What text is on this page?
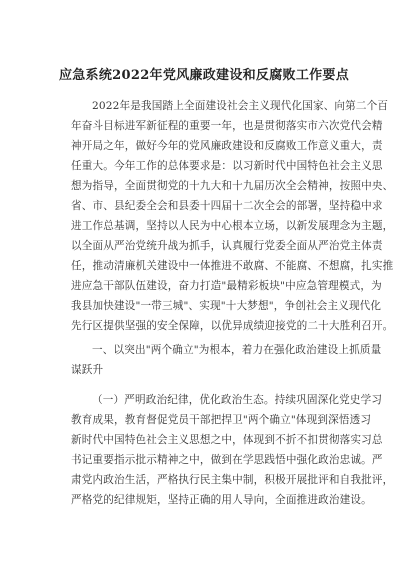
应急系统2022年党风廉政建设和反腐败工作要点
2022年是我国踏上全面建设社会主义现代化国家、向第二个百
年奋斗目标进军新征程的重要一年，也是贯彻落实市六次党代会精
神开局之年，做好今年的党风廉政建设和反腐败工作意义重大，责
任重大。今年工作的总体要求是：以习新时代中国特色社会主义思
想为指导，全面贯彻党的十九大和十九届历次全会精神，按照中央、
省、市、县纪委全会和县委十四届十二次全会的部署，坚持稳中求
进工作总基调，坚持以人民为中心根本立场，以新发展理念为主题，
以全面从严治党统升战为抓手，认真履行党委全面从严治党主体责
任，推动清廉机关建设中一体推进不敢腐、不能腐、不想腐，扎实推
进应急干部队伍建设，奋力打造"最精彩板块"中应急管理模式，为
我县加快建设"一带三城"、实现"十大梦想"，争创社会主义现代化
先行区提供坚强的安全保障，以优异成绩迎接党的二十大胜利召开。
一、以突出"两个确立"为根本，着力在强化政治建设上抓质量
谋跃升
（一）严明政治纪律，优化政治生态。持续巩固深化党史学习
教育成果，教育督促党员干部把捍卫"两个确立"体现到深悟透习
新时代中国特色社会主义思想之中，体现到不折不扣贯彻落实习总
书记重要指示批示精神之中，做到在学思践悟中强化政治忠诚。严
肃党内政治生活，严格执行民主集中制，积极开展批评和自我批评，
严格党的纪律规矩，坚持正确的用人导向，全面推进政治建设。
